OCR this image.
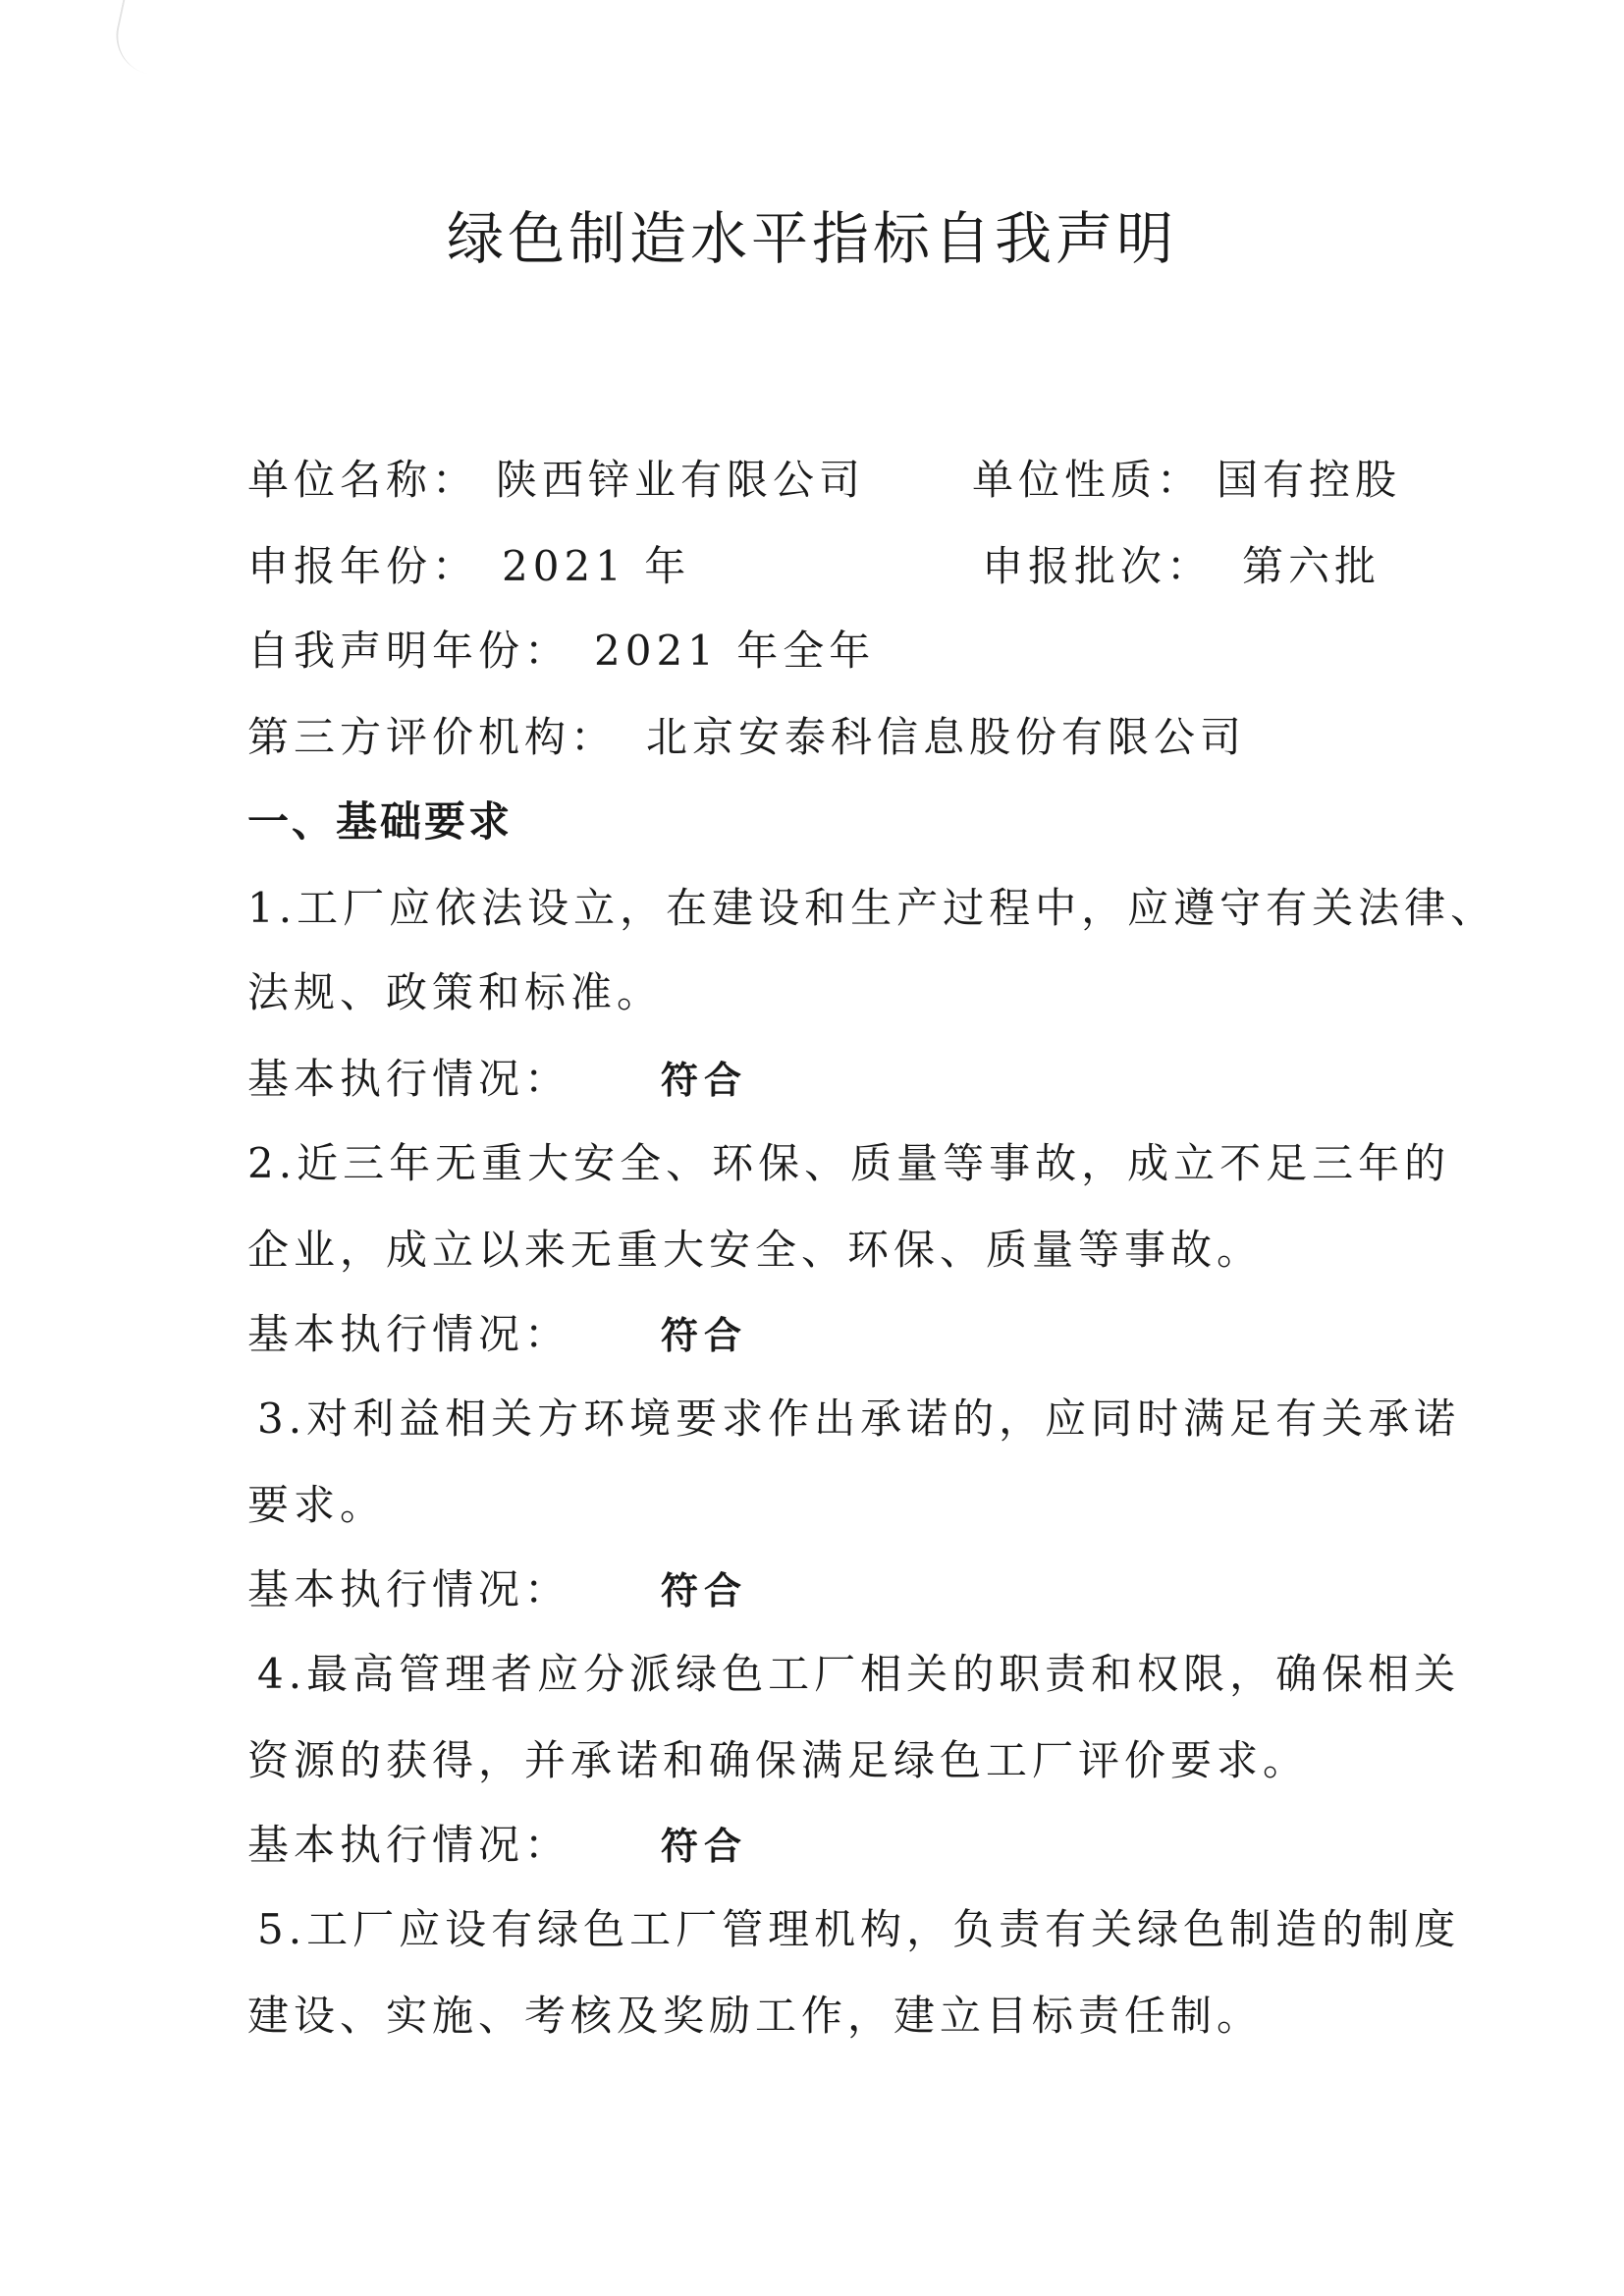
绿色制造水平指标自我声明
单位名称： 陕西锌业有限公司	单位性质： 国有控股
申报年份： 2021 年	申报批次： 第六批
自我声明年份： 2021 年全年
第三方评价机构： 北京安泰科信息股份有限公司
一、基础要求
1.工厂应依法设立，在建设和生产过程中，应遵守有关法律、
法规、政策和标准。
基本执行情况： 符合
2.近三年无重大安全、环保、质量等事故，成立不足三年的
企业，成立以来无重大安全、环保、质量等事故。
基本执行情况： 符合
3.对利益相关方环境要求作出承诺的，应同时满足有关承诺
要求。
基本执行情况： 符合
4.最高管理者应分派绿色工厂相关的职责和权限，确保相关
资源的获得，并承诺和确保满足绿色工厂评价要求。
基本执行情况： 符合
5.工厂应设有绿色工厂管理机构，负责有关绿色制造的制度
建设、实施、考核及奖励工作，建立目标责任制。
